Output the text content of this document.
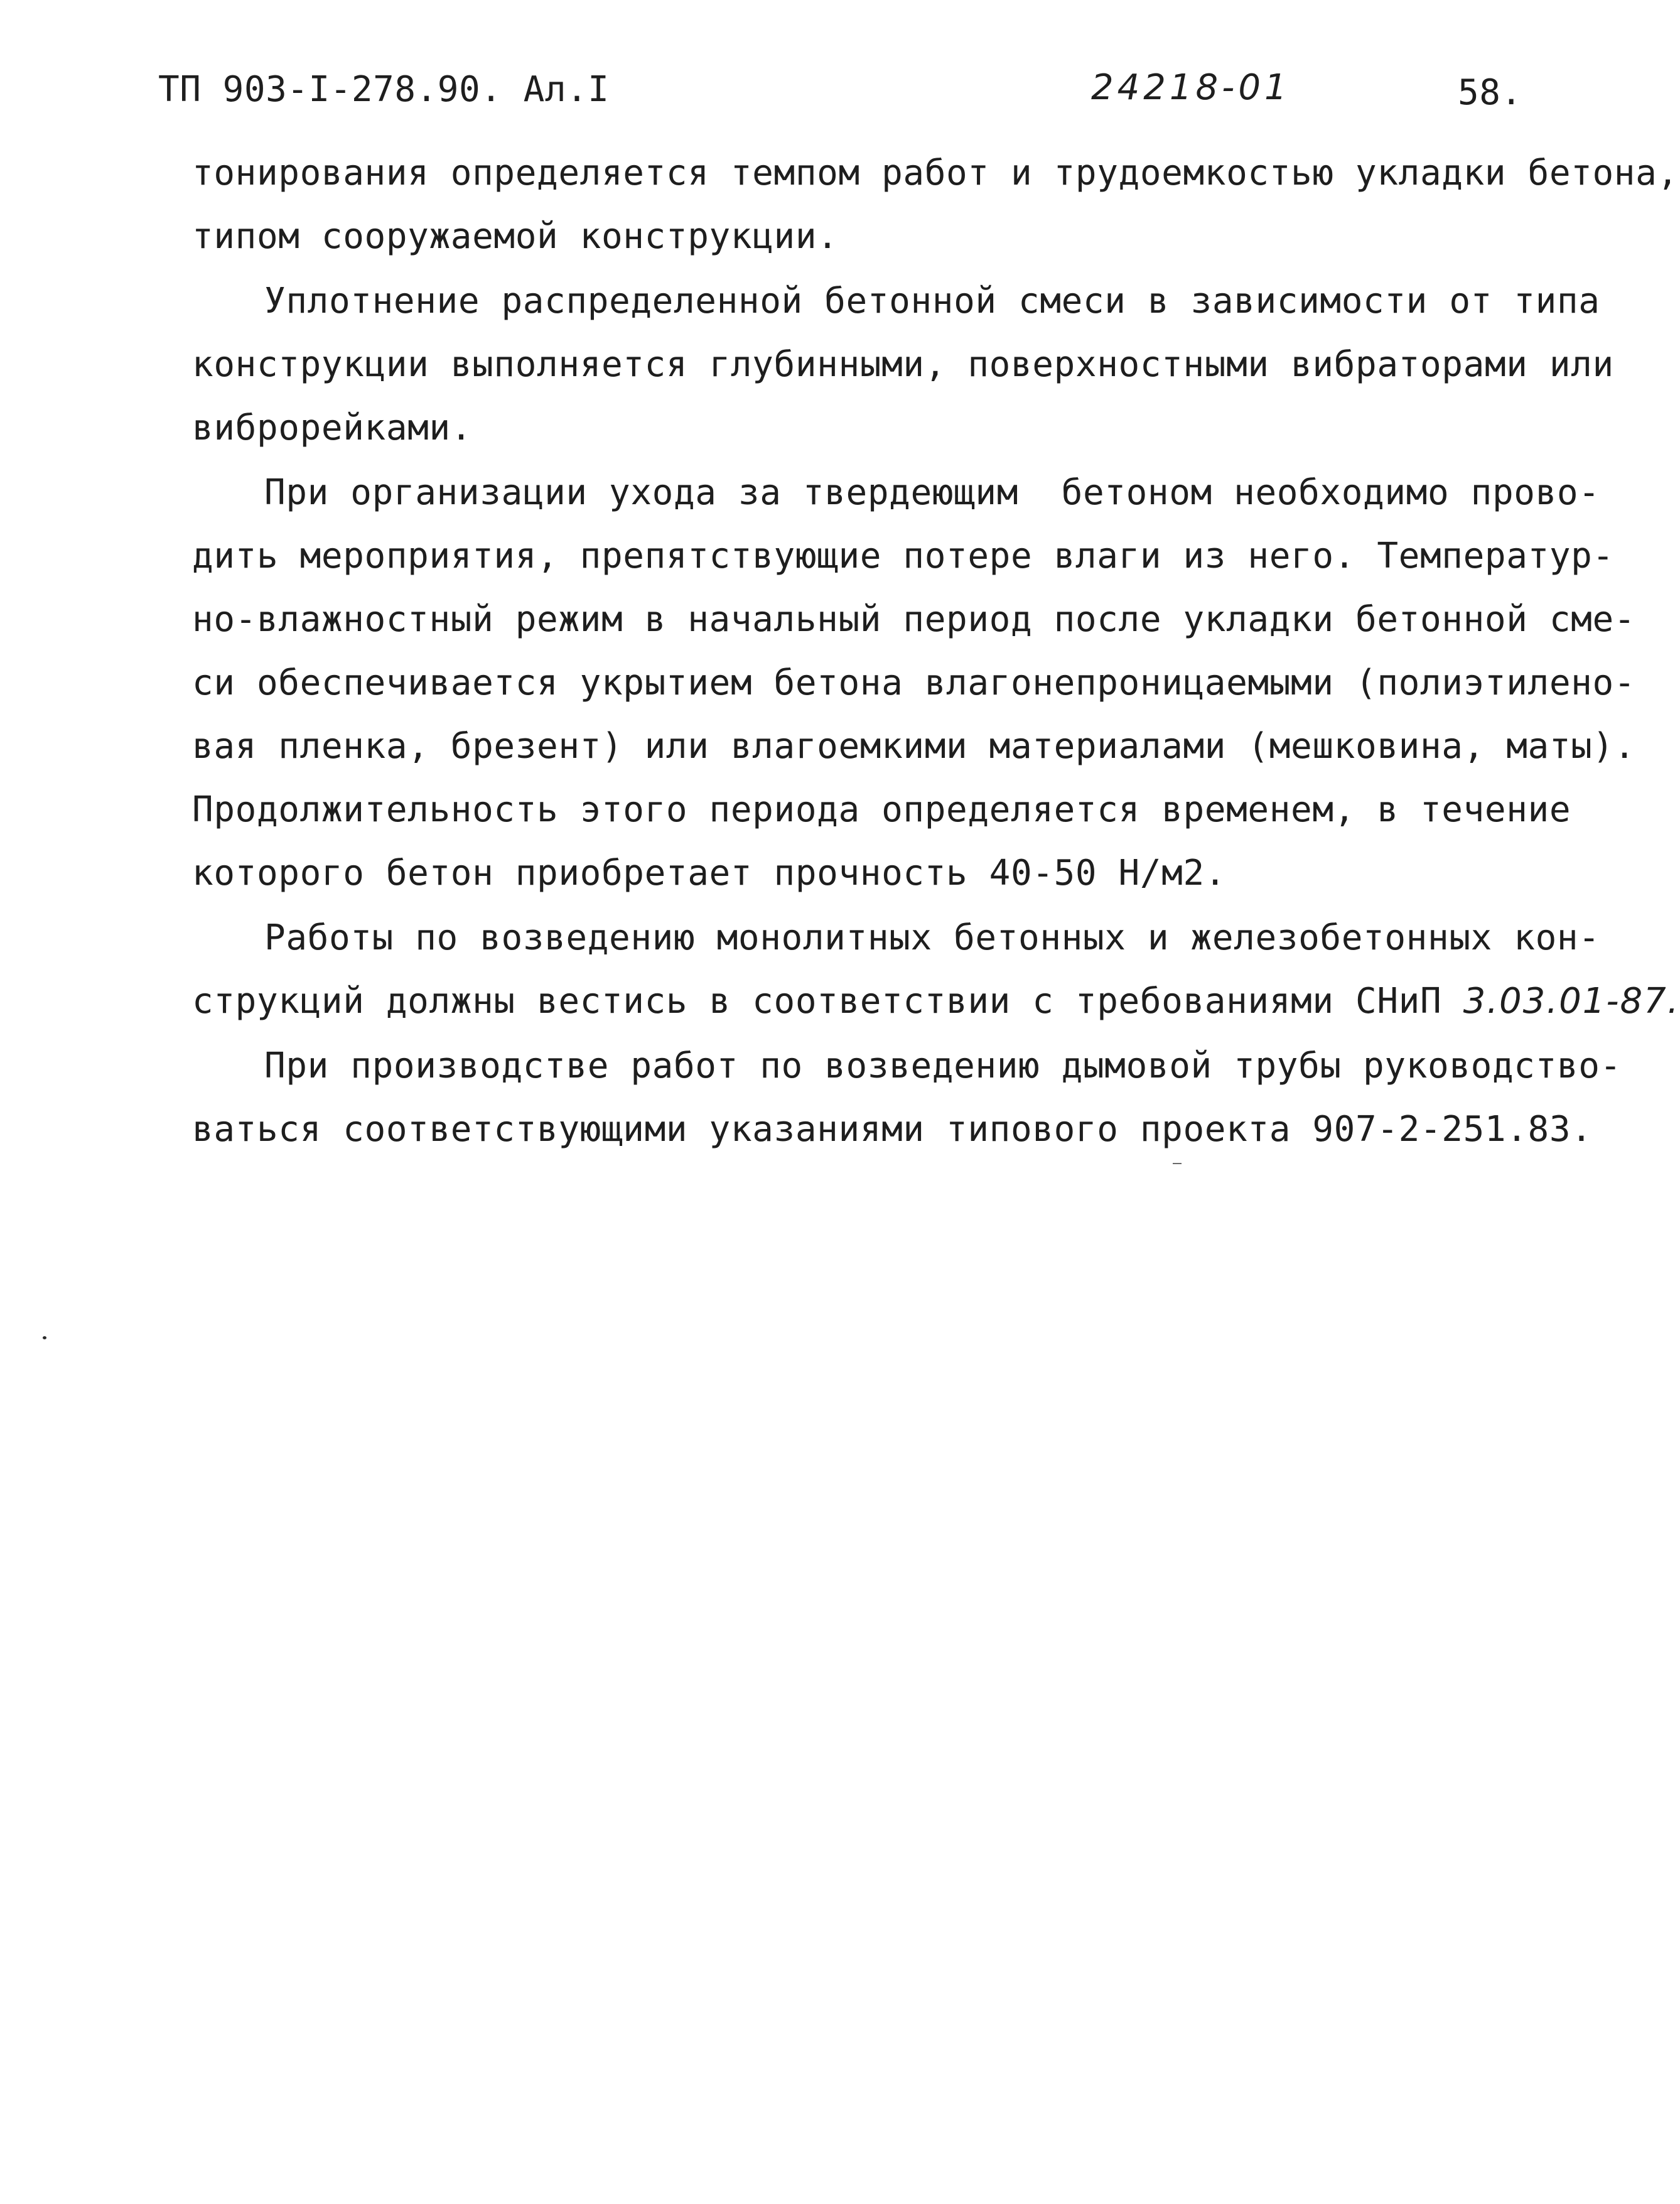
ТП 903-I-278.90. Ал.I	24218-01	58.
тонирования определяется темпом работ и трудоемкостью укладки бетона,
типом сооружаемой конструкции.
Уплотнение распределенной бетонной смеси в зависимости от типа
конструкции выполняется глубинными, поверхностными вибраторами или
виброрейками.
При организации ухода за твердеющим  бетоном необходимо прово-
дить мероприятия, препятствующие потере влаги из него. Температур-
но-влажностный режим в начальный период после укладки бетонной сме-
си обеспечивается укрытием бетона влагонепроницаемыми (полиэтиленo-
вая пленка, брезент) или влагоемкими материалами (мешковина, маты).
Продолжительность этого периода определяется временем, в течение
которого бетон приобретает прочность 40-50 Н/м2.
Работы по возведению монолитных бетонных и железобетонных кон-
струкций должны вестись в соответствии с требованиями СНиП 3.03.01-87.
При производстве работ по возведению дымовой трубы руководство-
ваться соответствующими указаниями типового проекта 907-2-251.83.
